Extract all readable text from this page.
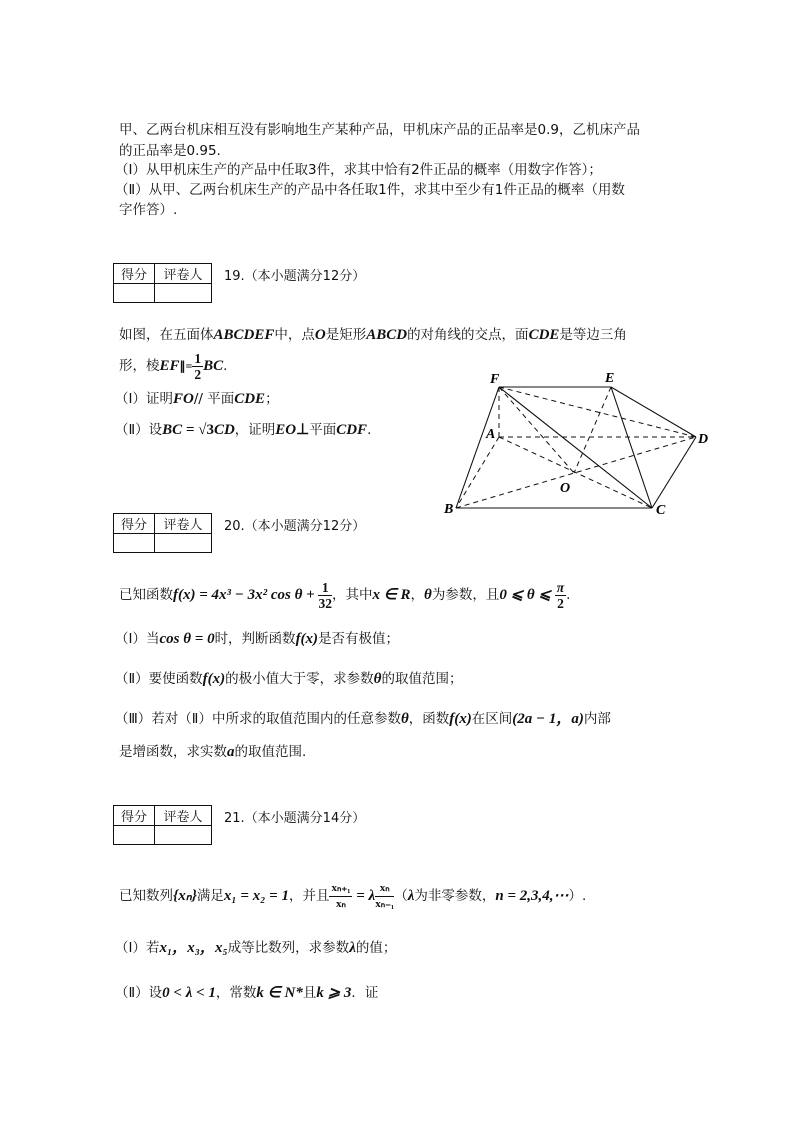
甲、乙两台机床相互没有影响地生产某种产品，甲机床产品的正品率是0.9，乙机床产品
的正品率是0.95.
（Ⅰ）从甲机床生产的产品中任取3件，求其中恰有2件正品的概率（用数字作答）；
（Ⅱ）从甲、乙两台机床生产的产品中各任取1件，求其中至少有1件正品的概率（用数
字作答）.
得分	评卷人
	19.（本小题满分12分）
如图，在五面体ABCDEF中，点O是矩形ABCD的对角线的交点，面CDE是等边三角
形，棱EF∥= $\frac{1}{2}$ BC.
（Ⅰ）证明FO// 平面CDE；
（Ⅱ）设BC = √3CD，证明EO⊥平面CDF.
F	E
A	D
O
B	C
得分	评卷人
	20.（本小题满分12分）
已知函数f(x) = 4x³ − 3x² $\cos \theta + \frac{1}{32}$ ，其中x ∈ R，θ为参数，且0 ⩽ θ ⩽ $\frac{\pi}{2}$ .
（Ⅰ）当cos θ = 0时，判断函数f(x)是否有极值；
（Ⅱ）要使函数f(x)的极小值大于零，求参数θ的取值范围；
（Ⅲ）若对（Ⅱ）中所求的取值范围内的任意参数θ，函数f(x)在区间(2a − 1，a)内部
是增函数，求实数a的取值范围.
得分	评卷人
	21.（本小题满分14分）
已知数列{xₙ}满足x₁ = x₂ = 1，并且 $\frac{\text{xₙ₊₁}}{\text{xₙ}} = \lambda \frac{\text{xₙ}}{\text{xₙ₋₁}} (\lambda$为非零参数，n = 2,3,4,⋯）.
（Ⅰ）若x₁，x₃，x₅成等比数列，求参数λ的值；
（Ⅱ）设0 < λ < 1，常数k ∈ N*且k ⩾ 3．证
